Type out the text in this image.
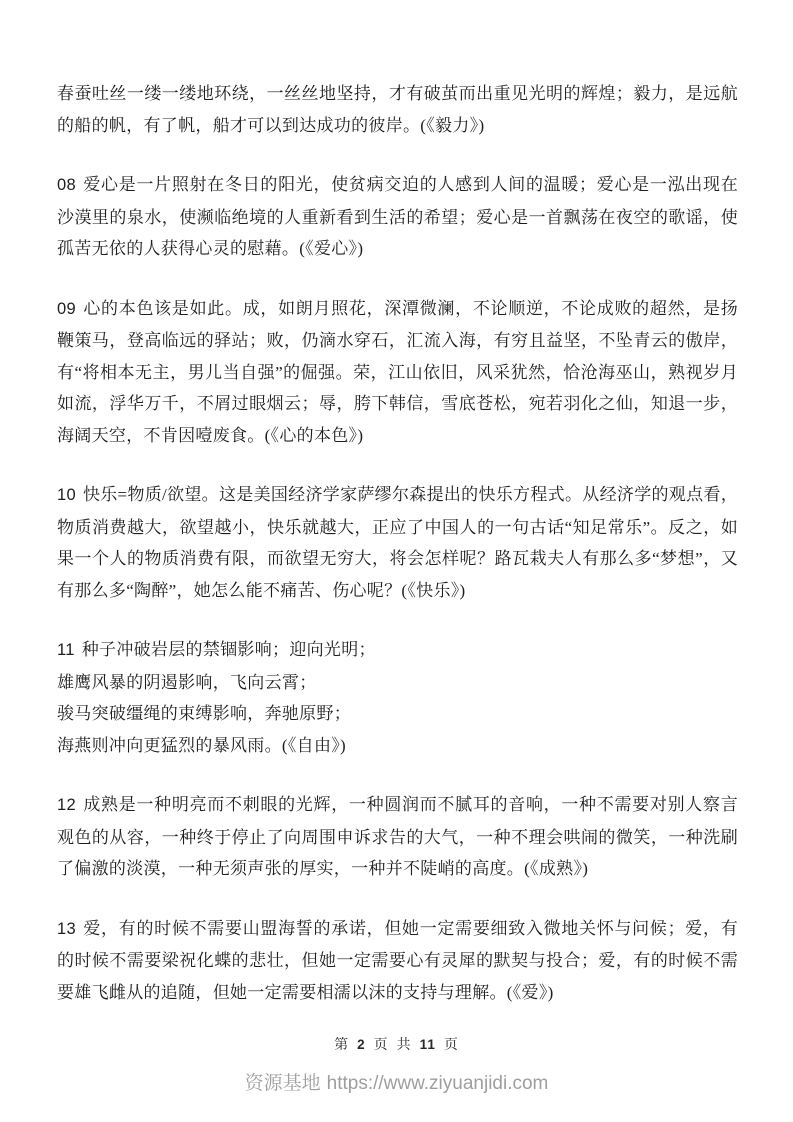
春蚕吐丝一缕一缕地环绕，一丝丝地坚持，才有破茧而出重见光明的辉煌；毅力，是远航的船的帆，有了帆，船才可以到达成功的彼岸。(《毅力》)

08 爱心是一片照射在冬日的阳光，使贫病交迫的人感到人间的温暖；爱心是一泓出现在沙漠里的泉水，使濒临绝境的人重新看到生活的希望；爱心是一首飘荡在夜空的歌谣，使孤苦无依的人获得心灵的慰藉。(《爱心》)

09 心的本色该是如此。成，如朗月照花，深潭微澜，不论顺逆，不论成败的超然，是扬鞭策马，登高临远的驿站；败，仍滴水穿石，汇流入海，有穷且益坚，不坠青云的傲岸，有“将相本无主，男儿当自强”的倔强。荣，江山依旧，风采犹然，恰沧海巫山，熟视岁月如流，浮华万千，不屑过眼烟云；辱，胯下韩信，雪底苍松，宛若羽化之仙，知退一步，海阔天空，不肯因噎废食。(《心的本色》)

10 快乐=物质/欲望。这是美国经济学家萨缪尔森提出的快乐方程式。从经济学的观点看，物质消费越大，欲望越小，快乐就越大，正应了中国人的一句古话“知足常乐”。反之，如果一个人的物质消费有限，而欲望无穷大，将会怎样呢？路瓦栽夫人有那么多“梦想”，又有那么多“陶醉”，她怎么能不痛苦、伤心呢？(《快乐》)

11 种子冲破岩层的禁锢影响；迎向光明；
雄鹰风暴的阴遏影响，飞向云霄；
骏马突破缰绳的束缚影响，奔驰原野；
海燕则冲向更猛烈的暴风雨。(《自由》)

12 成熟是一种明亮而不刺眼的光辉，一种圆润而不腻耳的音响，一种不需要对别人察言观色的从容，一种终于停止了向周围申诉求告的大气，一种不理会哄闹的微笑，一种洗刷了偏激的淡漠，一种无须声张的厚实，一种并不陡峭的高度。(《成熟》)

13 爱，有的时候不需要山盟海誓的承诺，但她一定需要细致入微地关怀与问候；爱，有的时候不需要梁祝化蝶的悲壮，但她一定需要心有灵犀的默契与投合；爱，有的时候不需要雄飞雌从的追随，但她一定需要相濡以沫的支持与理解。(《爱》)

第 2 页 共 11 页
资源基地 https://www.ziyuanjidi.com
